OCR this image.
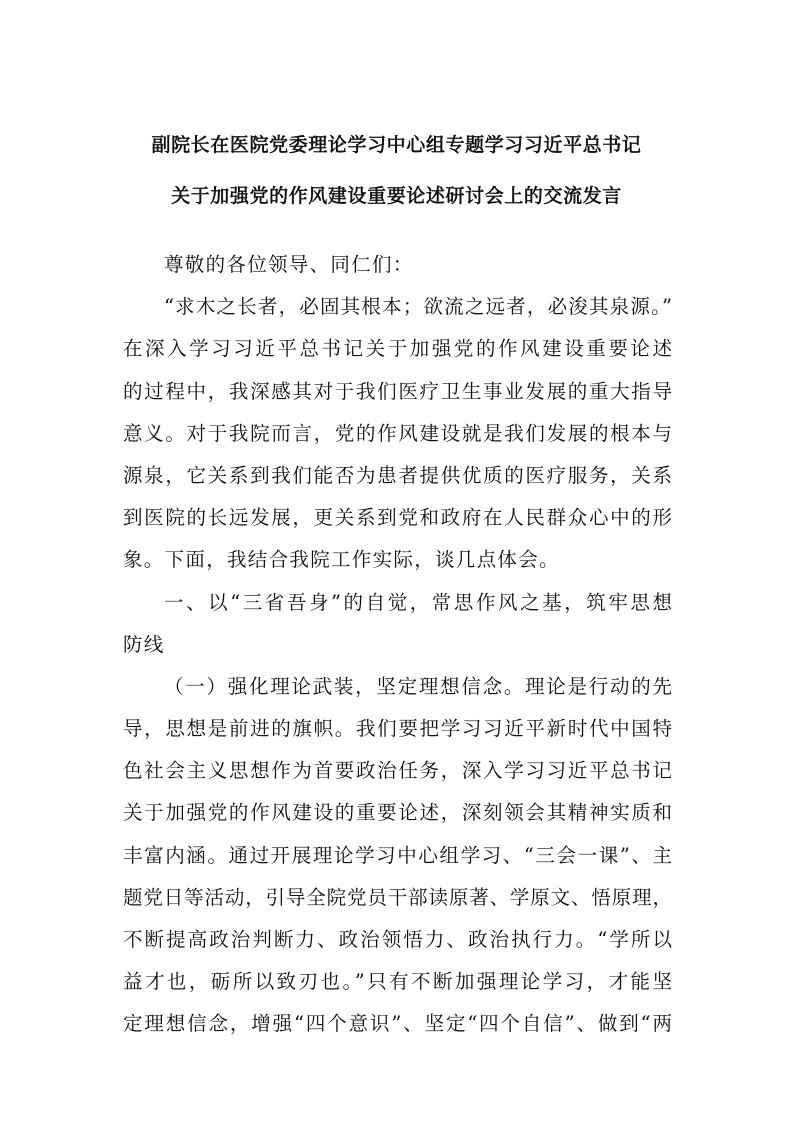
副院长在医院党委理论学习中心组专题学习习近平总书记
关于加强党的作风建设重要论述研讨会上的交流发言
尊敬的各位领导、同仁们：
“求木之长者，必固其根本；欲流之远者，必浚其泉源。”
在深入学习习近平总书记关于加强党的作风建设重要论述
的过程中，我深感其对于我们医疗卫生事业发展的重大指导
意义。对于我院而言，党的作风建设就是我们发展的根本与
源泉，它关系到我们能否为患者提供优质的医疗服务，关系
到医院的长远发展，更关系到党和政府在人民群众心中的形
象。下面，我结合我院工作实际，谈几点体会。
一、以“三省吾身”的自觉，常思作风之基，筑牢思想
防线
（一）强化理论武装，坚定理想信念。理论是行动的先
导，思想是前进的旗帜。我们要把学习习近平新时代中国特
色社会主义思想作为首要政治任务，深入学习习近平总书记
关于加强党的作风建设的重要论述，深刻领会其精神实质和
丰富内涵。通过开展理论学习中心组学习、“三会一课”、主
题党日等活动，引导全院党员干部读原著、学原文、悟原理，
不断提高政治判断力、政治领悟力、政治执行力。“学所以
益才也，砺所以致刃也。”只有不断加强理论学习，才能坚
定理想信念，增强“四个意识”、坚定“四个自信”、做到“两
